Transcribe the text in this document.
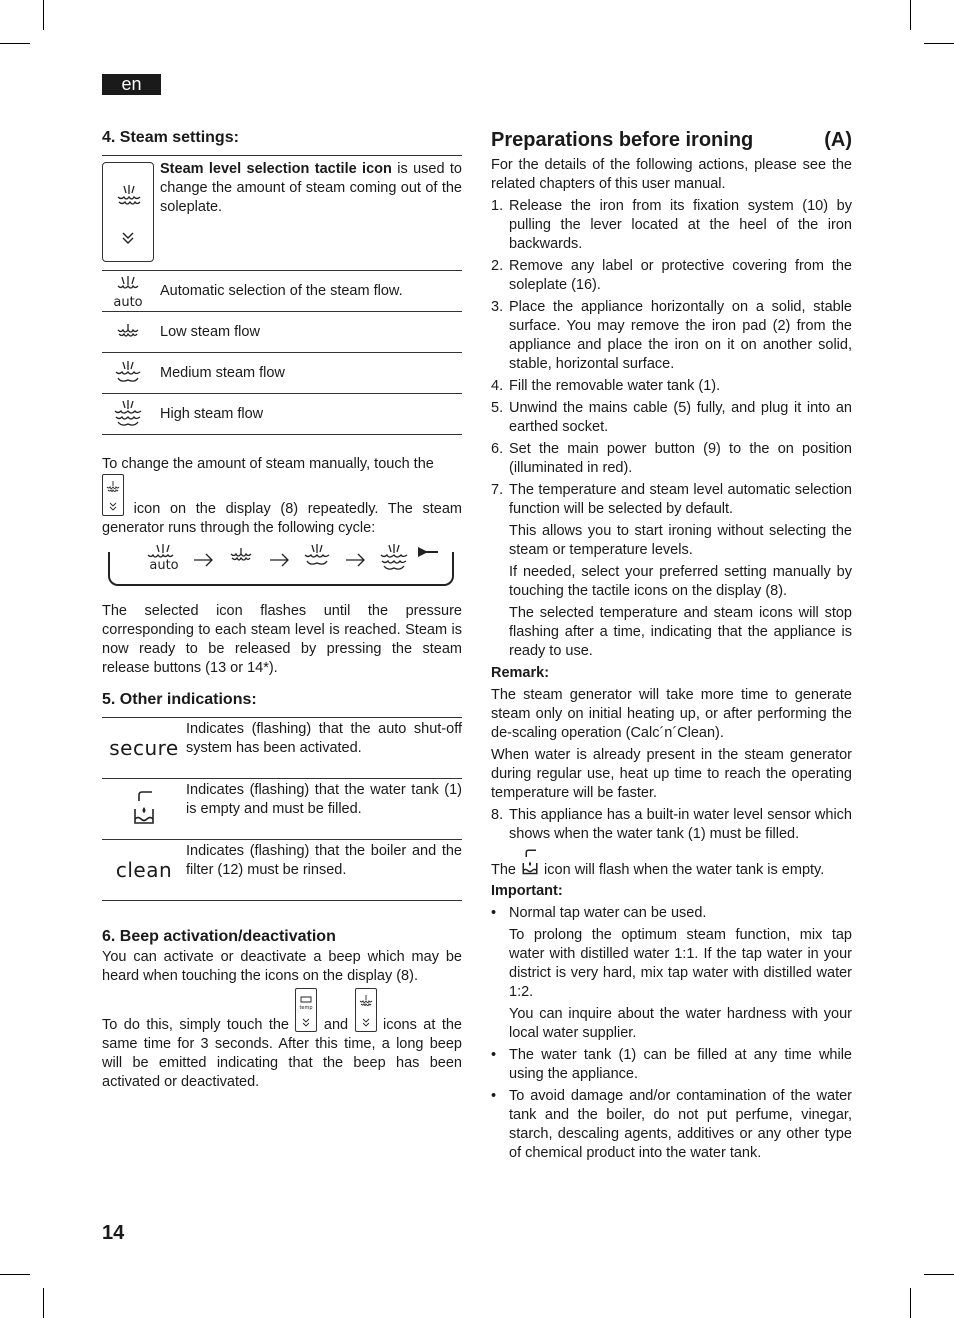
en
4. Steam settings:
Steam level selection tactile icon is used to change the amount of steam coming out of the soleplate.
auto
Automatic selection of the steam flow.
Low steam flow
Medium steam flow
High steam flow

To change the amount of steam manually, touch the

icon on the display (8) repeatedly. The steam generator runs through the following cycle:

auto

The selected icon flashes until the pressure corresponding to each steam level is reached. Steam is now ready to be released by pressing the steam release buttons (13 or 14*).

5. Other indications:
secure
Indicates (flashing) that the auto shut-off system has been activated.
Indicates (flashing) that the water tank (1) is empty and must be filled.
clean
Indicates (flashing) that the boiler and the filter (12) must be rinsed.
6. Beep activation/deactivation

You can activate or deactivate a beep which may be heard when touching the icons on the display (8).

To do this, simply touch the
temp
and
icons at the same time for 3 seconds. After this time, a long beep will be emitted indicating that the beep has been activated or deactivated.

Preparations before ironing	(A)

For the details of the following actions, please see the related chapters of this user manual.

1. Release the iron from its fixation system (10) by pulling the lever located at the heel of the iron backwards.
2. Remove any label or protective covering from the soleplate (16).
3. Place the appliance horizontally on a solid, stable surface. You may remove the iron pad (2) from the appliance and place the iron on it on another solid, stable, horizontal surface.
4. Fill the removable water tank (1).
5. Unwind the mains cable (5) fully, and plug it into an earthed socket.
6. Set the main power button (9) to the on position (illuminated in red).
7. The temperature and steam level automatic selection function will be selected by default.

This allows you to start ironing without selecting the steam or temperature levels.

If needed, select your preferred setting manually by touching the tactile icons on the display (8).

The selected temperature and steam icons will stop flashing after a time, indicating that the appliance is ready to use.

Remark:

The steam generator will take more time to generate steam only on initial heating up, or after performing the de-scaling operation (Calc´n´Clean).

When water is already present in the steam generator during regular use, heat up time to reach the operating temperature will be faster.

8. This appliance has a built-in water level sensor which shows when the water tank (1) must be filled.

The  icon will flash when the water tank is empty.

Important:

• Normal tap water can be used.

To prolong the optimum steam function, mix tap water with distilled water 1:1. If the tap water in your district is very hard, mix tap water with distilled water 1:2.

You can inquire about the water hardness with your local water supplier.

• The water tank (1) can be filled at any time while using the appliance.
• To avoid damage and/or contamination of the water tank and the boiler, do not put perfume, vinegar, starch, descaling agents, additives or any other type of chemical product into the water tank.
14
